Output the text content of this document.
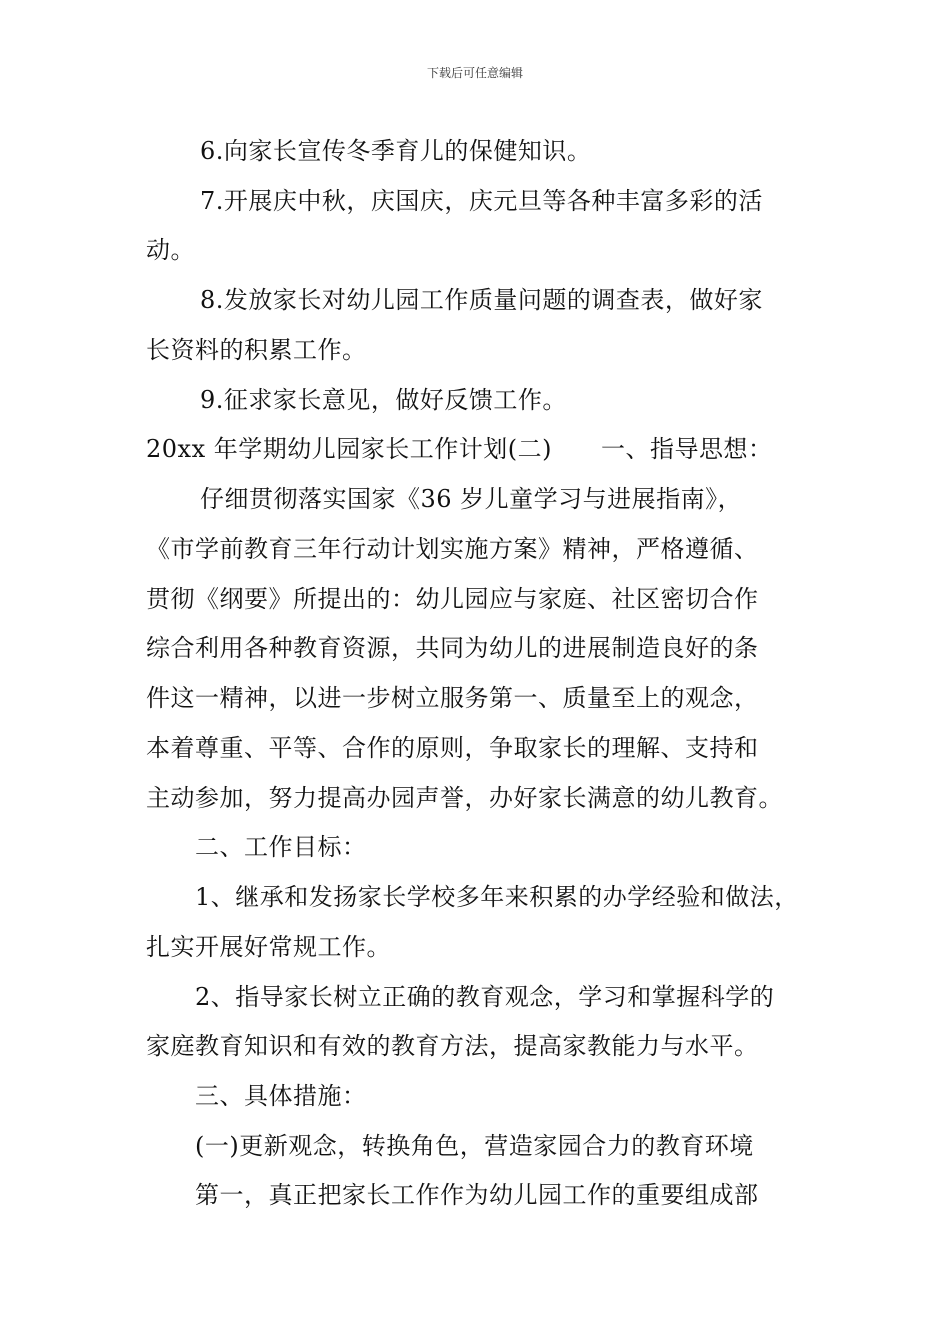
下载后可任意编辑
6.向家长宣传冬季育儿的保健知识。
7.开展庆中秋，庆国庆，庆元旦等各种丰富多彩的活
动。
8.发放家长对幼儿园工作质量问题的调查表，做好家
长资料的积累工作。
9.征求家长意见，做好反馈工作。
20xx 年学期幼儿园家长工作计划(二)　　一、指导思想：
仔细贯彻落实国家《36 岁儿童学习与进展指南》，
《市学前教育三年行动计划实施方案》精神，严格遵循、
贯彻《纲要》所提出的：幼儿园应与家庭、社区密切合作
综合利用各种教育资源，共同为幼儿的进展制造良好的条
件这一精神，以进一步树立服务第一、质量至上的观念，
本着尊重、平等、合作的原则，争取家长的理解、支持和
主动参加，努力提高办园声誉，办好家长满意的幼儿教育。
二、工作目标：
1、继承和发扬家长学校多年来积累的办学经验和做法，
扎实开展好常规工作。
2、指导家长树立正确的教育观念，学习和掌握科学的
家庭教育知识和有效的教育方法，提高家教能力与水平。
三、具体措施：
(一)更新观念，转换角色，营造家园合力的教育环境
第一，真正把家长工作作为幼儿园工作的重要组成部
